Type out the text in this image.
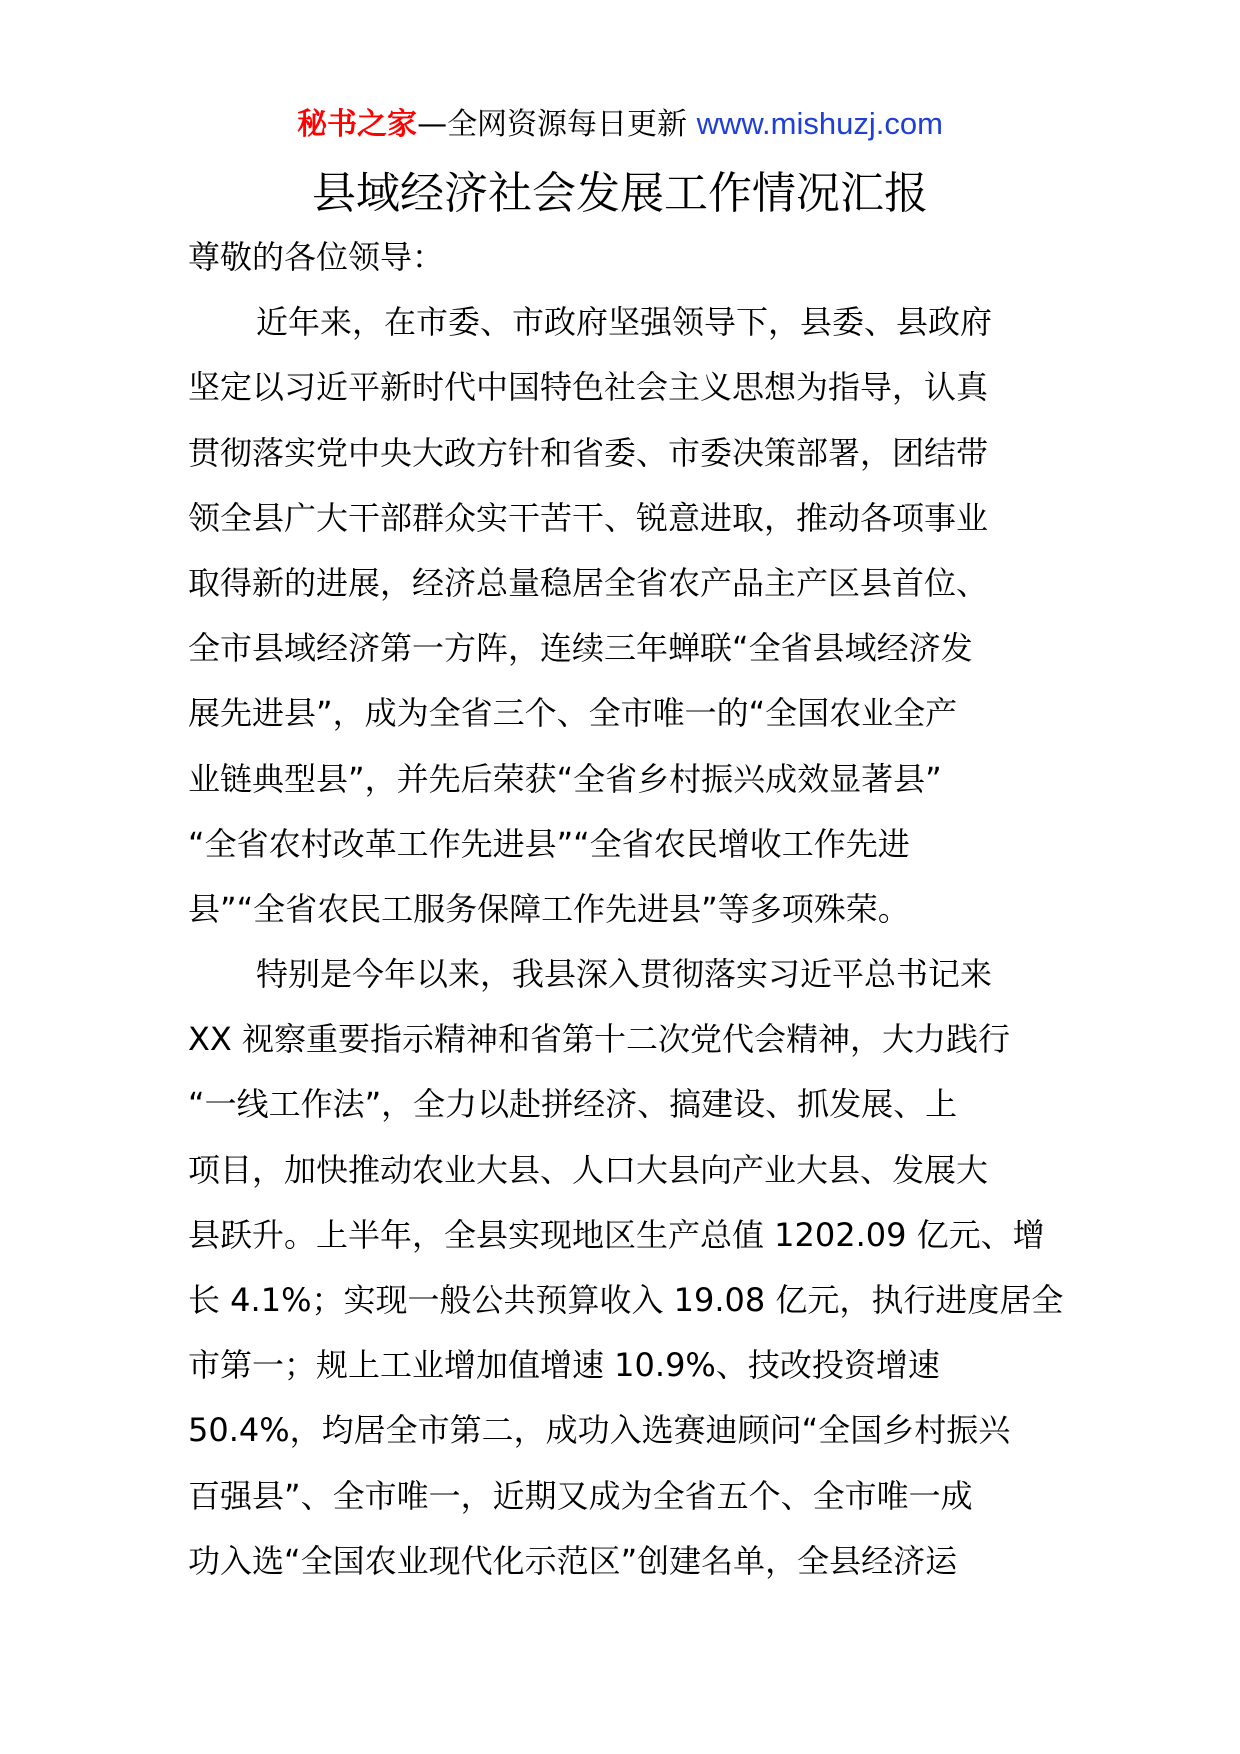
秘书之家—全网资源每日更新 www.mishuzj.com
县域经济社会发展工作情况汇报
尊敬的各位领导：
近年来，在市委、市政府坚强领导下，县委、县政府
坚定以习近平新时代中国特色社会主义思想为指导，认真
贯彻落实党中央大政方针和省委、市委决策部署，团结带
领全县广大干部群众实干苦干、锐意进取，推动各项事业
取得新的进展，经济总量稳居全省农产品主产区县首位、
全市县域经济第一方阵，连续三年蝉联“全省县域经济发
展先进县”，成为全省三个、全市唯一的“全国农业全产
业链典型县”，并先后荣获“全省乡村振兴成效显著县”
“全省农村改革工作先进县”“全省农民增收工作先进
县”“全省农民工服务保障工作先进县”等多项殊荣。
特别是今年以来，我县深入贯彻落实习近平总书记来
XX 视察重要指示精神和省第十二次党代会精神，大力践行
“一线工作法”，全力以赴拼经济、搞建设、抓发展、上
项目，加快推动农业大县、人口大县向产业大县、发展大
县跃升。上半年，全县实现地区生产总值 1202.09 亿元、增
长 4.1%；实现一般公共预算收入 19.08 亿元，执行进度居全
市第一；规上工业增加值增速 10.9%、技改投资增速
50.4%，均居全市第二，成功入选赛迪顾问“全国乡村振兴
百强县”、全市唯一，近期又成为全省五个、全市唯一成
功入选“全国农业现代化示范区”创建名单，全县经济运
